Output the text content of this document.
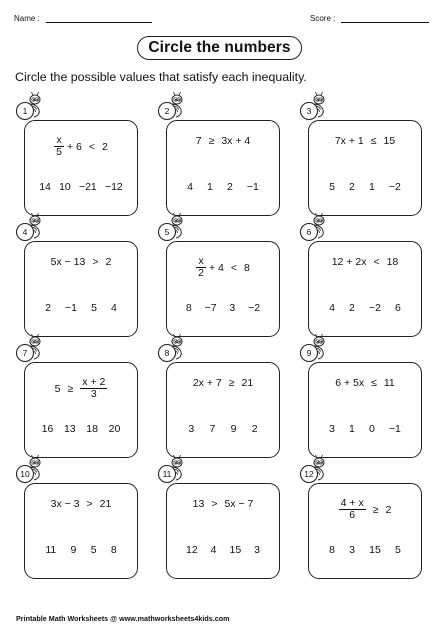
Name :	Score :
Circle the numbers
Circle the possible values that satisfy each inequality.
$\frac{x}{5} + 6 < 2$
14 10 −21 −12
1
7 ≥ 3x + 4
4 1 2 −1
2
7x + 1 ≤ 15
5 2 1 −2
3
5x − 13 > 2
2 −1 5 4
4
$\frac{x}{2} + 4 < 8$
8 −7 3 −2
5
12 + 2x < 18
4 2 −2 6
6
$5 \ge \frac{x + 2}{3}$
16 13 18 20
7
2x + 7 ≥ 21
3 7 9 2
8
6 + 5x ≤ 11
3 1 0 −1
9
3x − 3 > 21
11 9 5 8
10
13 > 5x − 7
12 4 15 3
11
$\frac{4 + x}{6} \ge 2$
8 3 15 5
12
Printable Math Worksheets @ www.mathworksheets4kids.com
